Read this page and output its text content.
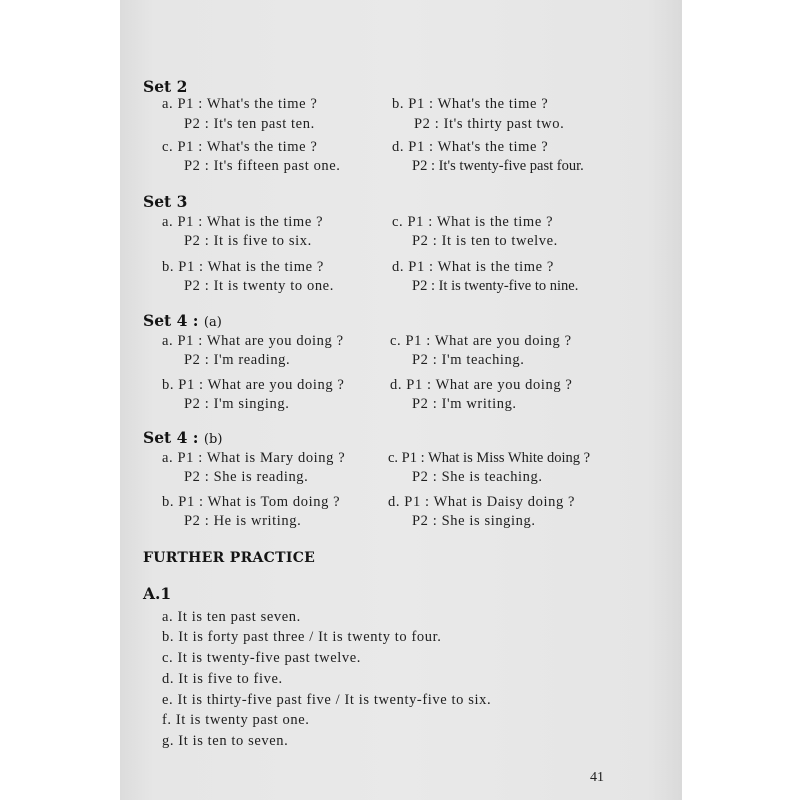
Set 2
a. P1 : What's the time ?
P2 : It's ten past ten.
b. P1 : What's the time ?
P2 : It's thirty past two.
c. P1 : What's the time ?
P2 : It's fifteen past one.
d. P1 : What's the time ?
P2 : It's twenty-five past four.
Set 3
a. P1 : What is the time ?
P2 : It is five to six.
c. P1 : What is the time ?
P2 : It is ten to twelve.
b. P1 : What is the time ?
P2 : It is twenty to one.
d. P1 : What is the time ?
P2 : It is twenty-five to nine.
Set 4 : (a)
a. P1 : What are you doing ?
P2 : I'm reading.
c. P1 : What are you doing ?
P2 : I'm teaching.
b. P1 : What are you doing ?
P2 : I'm singing.
d. P1 : What are you doing ?
P2 : I'm writing.
Set 4 : (b)
a. P1 : What is Mary doing ?
P2 : She is reading.
c. P1 : What is Miss White doing ?
P2 : She is teaching.
b. P1 : What is Tom doing ?
P2 : He is writing.
d. P1 : What is Daisy doing ?
P2 : She is singing.
FURTHER PRACTICE
A.1
a. It is ten past seven.
b. It is forty past three / It is twenty to four.
c. It is twenty-five past twelve.
d. It is five to five.
e. It is thirty-five past five / It is twenty-five to six.
f. It is twenty past one.
g. It is ten to seven.
41
